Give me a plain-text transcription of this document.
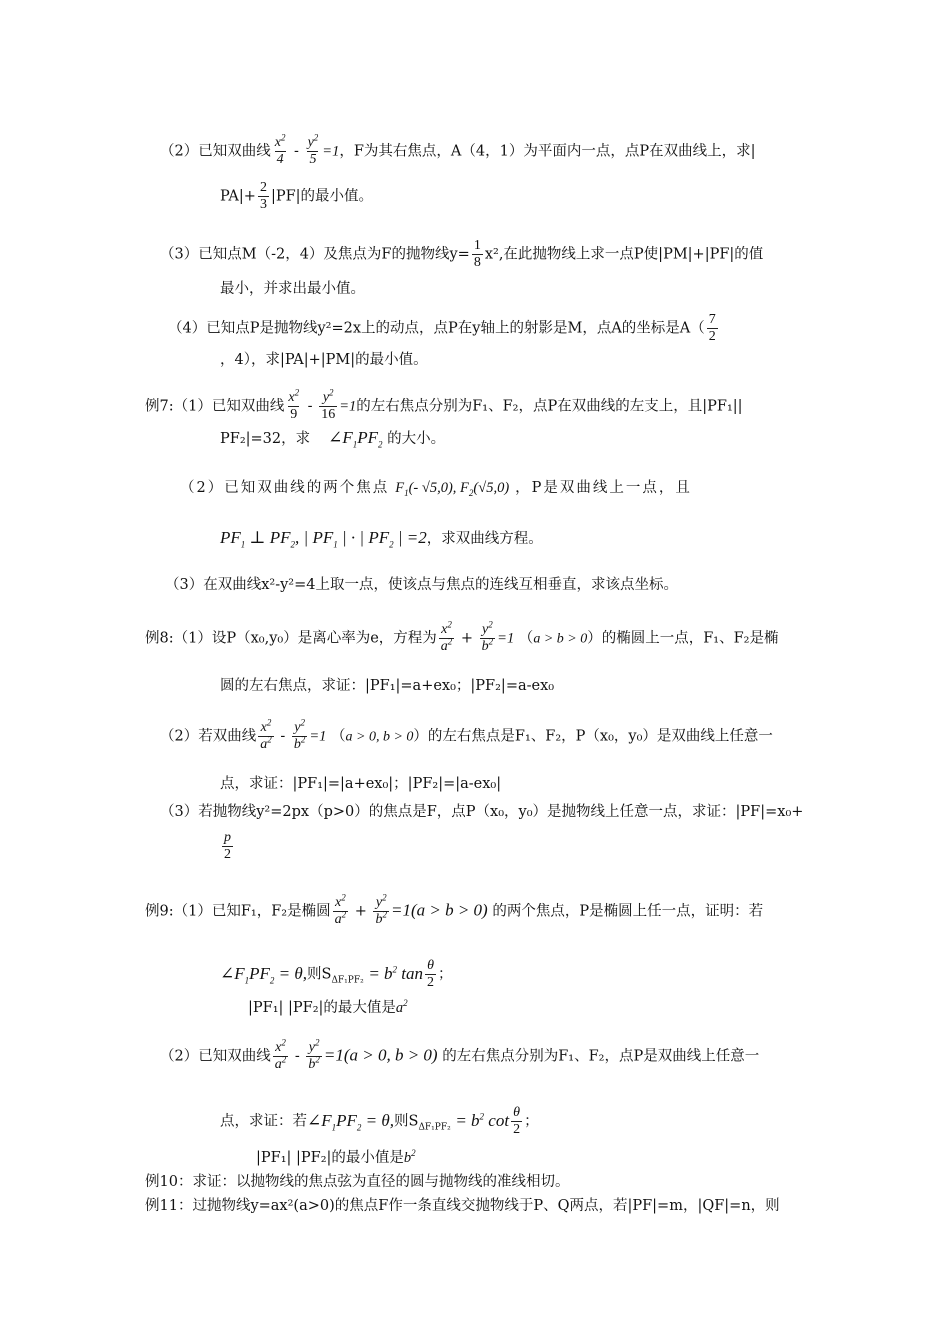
（2）已知双曲线 $\frac{x^2}{4} - \frac{y^2}{5} =1$，F为其右焦点，A（4，1）为平面内一点，点P在双曲线上，求|
$PA|+ \frac{2}{3} |PF|$的最小值。
（3）已知点M（-2，4）及焦点为F的抛物线$y= \frac{1}{8} x^2$,在此抛物线上求一点P使|PM|+|PF|的值
最小，并求出最小值。
（4）已知点P是抛物线y²=2x上的动点，点P在y轴上的射影是M，点A的坐标是$A( \frac{7}{2}$
，4），求|PA|+|PM|的最小值。
例7:（1）已知双曲线 $\frac{x^2}{9} - \frac{y^2}{16} =1$的左右焦点分别为F₁、F₂，点P在双曲线的左支上，且|PF₁||
PF₂|=32，求 $\angle F_1PF_2$ 的大小。
（2）已知双曲线的两个焦点 $F_1(-$ √5,0), $F_2(√5,0)$ ，P是双曲线上一点，且
$PF_1$ ⊥ $PF_2$, | $PF_1$ | · | $PF_2$ | =2，求双曲线方程。
（3）在双曲线x²-y²=4上取一点，使该点与焦点的连线互相垂直，求该点坐标。
例8:（1）设P（x₀,y₀）是离心率为e，方程为 $\frac{x^2}{a^2} + \frac{y^2}{b^2} =1$ （a > b > 0）的椭圆上一点，F₁、F₂是椭
圆的左右焦点，求证：|PF₁|=a+ex₀；|PF₂|=a-ex₀
（2）若双曲线 $\frac{x^2}{a^2} - \frac{y^2}{b^2} =1$ （a > 0, b > 0）的左右焦点是F₁、F₂，P（x₀，y₀）是双曲线上任意一
点，求证：|PF₁|=|a+ex₀|；|PF₂|=|a-ex₀|
（3）若抛物线y²=2px（p>0）的焦点是F，点P（x₀，y₀）是抛物线上任意一点，求证：|PF|=x₀+
$\frac{p}{2}$
例9:（1）已知F₁，F₂是椭圆 $\frac{x^2}{a^2} + \frac{y^2}{b^2} =1(a > b > 0)$ 的两个焦点，P是椭圆上任一点，证明：若
$\angle F_1PF_2 = \theta$,则$S_{\Delta F_1PF_2} = b^2$ $\tan \frac{\theta}{2}$ ；
|PF₁| |PF₂|的最大值是$a^2$
（2）已知双曲线 $\frac{x^2}{a^2} - \frac{y^2}{b^2} =1(a > 0$, b > 0) 的左右焦点分别为F₁、F₂，点P是双曲线上任意一
点，求证：若$\angle F_1PF_2 = \theta$,则$S_{\Delta F_1PF_2} = b^2$ $\cot \frac{\theta}{2}$ ；
|PF₁| |PF₂|的最小值是$b^2$
例10：求证：以抛物线的焦点弦为直径的圆与抛物线的准线相切。
例11：过抛物线y=ax²(a>0)的焦点F作一条直线交抛物线于P、Q两点，若|PF|=m，|QF|=n，则
